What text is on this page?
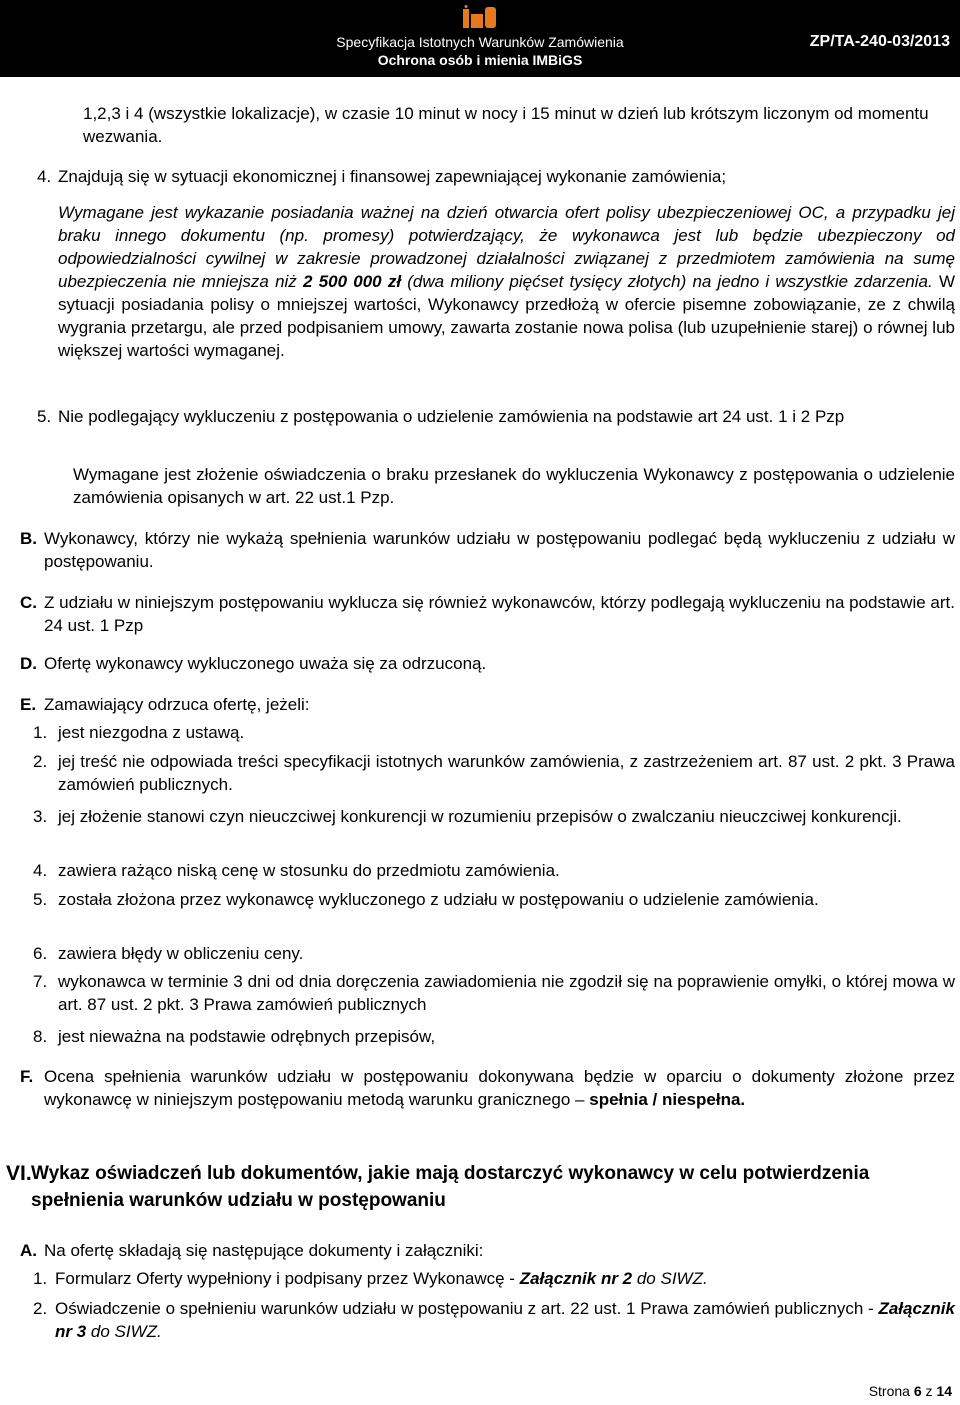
Specyfikacja Istotnych Warunków Zamówienia
Ochrona osób i mienia IMBiGS
ZP/TA-240-03/2013

1,2,3 i 4 (wszystkie lokalizacje), w czasie 10 minut w nocy i 15 minut w dzień lub krótszym liczonym od momentu wezwania.

4. Znajdują się w sytuacji ekonomicznej i finansowej zapewniającej wykonanie zamówienia;

Wymagane jest wykazanie posiadania ważnej na dzień otwarcia ofert polisy ubezpieczeniowej OC, a przypadku jej braku innego dokumentu (np. promesy) potwierdzający, że wykonawca jest lub będzie ubezpieczony od odpowiedzialności cywilnej w zakresie prowadzonej działalności związanej z przedmiotem zamówienia na sumę ubezpieczenia nie mniejsza niż 2 500 000 zł (dwa miliony pięćset tysięcy złotych) na jedno i wszystkie zdarzenia. W sytuacji posiadania polisy o mniejszej wartości, Wykonawcy przedłożą w ofercie pisemne zobowiązanie, ze z chwilą wygrania przetargu, ale przed podpisaniem umowy, zawarta zostanie nowa polisa (lub uzupełnienie starej) o równej lub większej wartości wymaganej.

5. Nie podlegający wykluczeniu z postępowania o udzielenie zamówienia na podstawie art 24 ust. 1 i 2 Pzp

Wymagane jest złożenie oświadczenia o braku przesłanek do wykluczenia Wykonawcy z postępowania o udzielenie zamówienia opisanych w art. 22 ust.1 Pzp.

B. Wykonawcy, którzy nie wykażą spełnienia warunków udziału w postępowaniu podlegać będą wykluczeniu z udziału w postępowaniu.

C. Z udziału w niniejszym postępowaniu wyklucza się również wykonawców, którzy podlegają wykluczeniu na podstawie art. 24 ust. 1 Pzp

D. Ofertę wykonawcy wykluczonego uważa się za odrzuconą.

E. Zamawiający odrzuca ofertę, jeżeli:

1. jest niezgodna z ustawą.

2. jej treść nie odpowiada treści specyfikacji istotnych warunków zamówienia, z zastrzeżeniem art. 87 ust. 2 pkt. 3 Prawa zamówień publicznych.

3. jej złożenie stanowi czyn nieuczciwej konkurencji w rozumieniu przepisów o zwalczaniu nieuczciwej konkurencji.

4. zawiera rażąco niską cenę w stosunku do przedmiotu zamówienia.

5. została złożona przez wykonawcę wykluczonego z udziału w postępowaniu o udzielenie zamówienia.

6. zawiera błędy w obliczeniu ceny.

7. wykonawca w terminie 3 dni od dnia doręczenia zawiadomienia nie zgodził się na poprawienie omyłki, o której mowa w art. 87 ust. 2 pkt. 3 Prawa zamówień publicznych

8. jest nieważna na podstawie odrębnych przepisów,

F. Ocena spełnienia warunków udziału w postępowaniu dokonywana będzie w oparciu o dokumenty złożone przez wykonawcę w niniejszym postępowaniu metodą warunku granicznego – spełnia / niespełna.

VI. Wykaz oświadczeń lub dokumentów, jakie mają dostarczyć wykonawcy w celu potwierdzenia spełnienia warunków udziału w postępowaniu

A. Na ofertę składają się następujące dokumenty i załączniki:

1. Formularz Oferty wypełniony i podpisany przez Wykonawcę - Załącznik nr 2 do SIWZ.

2. Oświadczenie o spełnieniu warunków udziału w postępowaniu z art. 22 ust. 1 Prawa zamówień publicznych - Załącznik nr 3 do SIWZ.

Strona 6 z 14
